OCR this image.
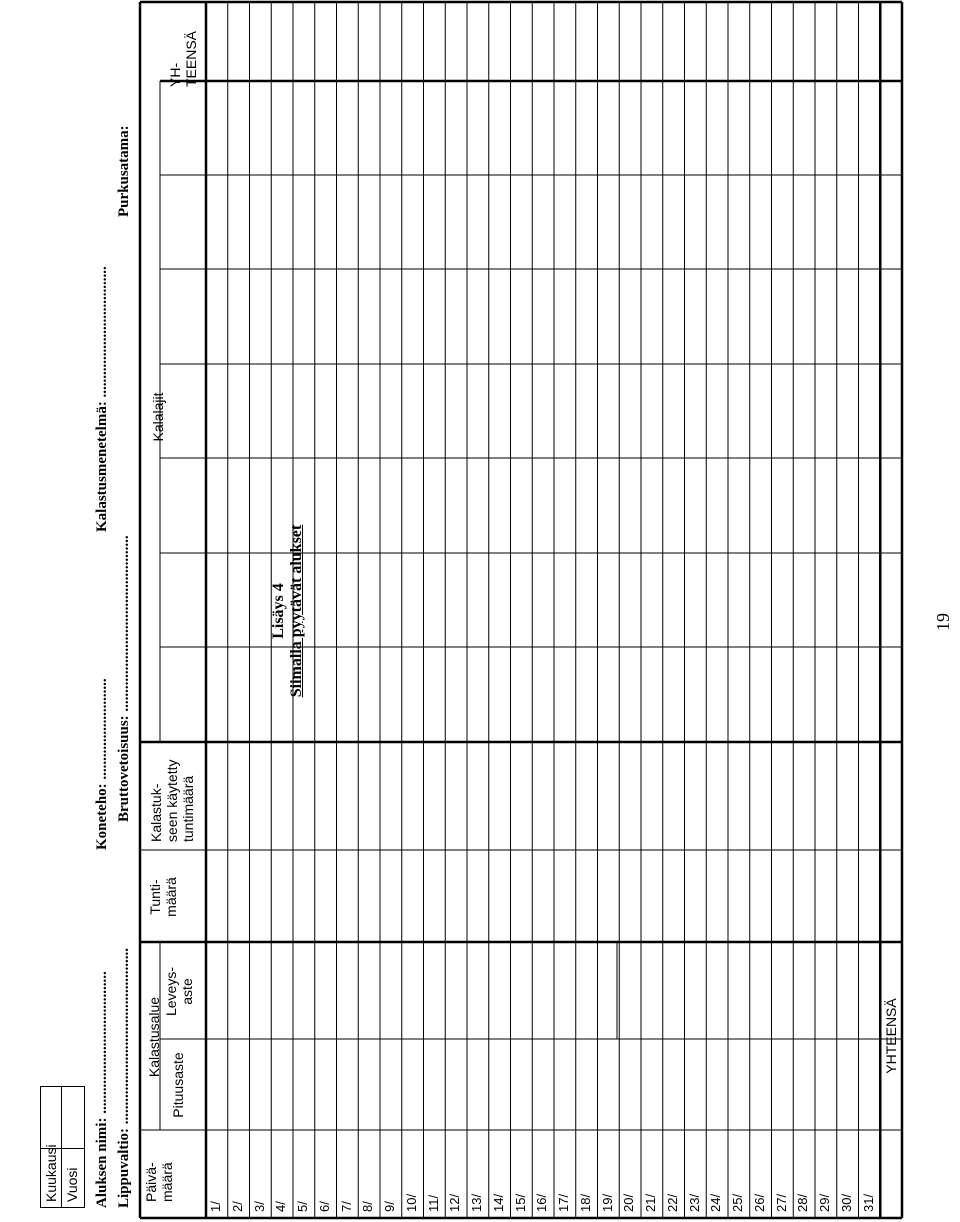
Lisäys 4 Siimalla pyytävät alukset
Kuukausi Vuosi Aluksen nimi: ......................................
Koneteho: ...........................
Kalastusmenetelmä: ...................................
Lippuvaltio: ...............................................
Bruttovetoisuus: ...............................................
Purkusatama:
Päivä- määrä
Kalastusalue
Pituusaste
Leveys- aste
Tunti- määrä
Kalastuk- seen käytetty tuntimäärä
Kalalajit
YH- TEENSÄ
1/ 2/ 3/ 4/ 5/ 6/ 7/ 8/ 9/ 10/ 11/ 12/ 13/ 14/ 15/ 16/ 17/ 18/ 19/ 20/ 21/ 22/ 23/ 24/ 25/ 26/ 27/ 28/ 29/ 30/ 31/
YHTEENSÄ
19
